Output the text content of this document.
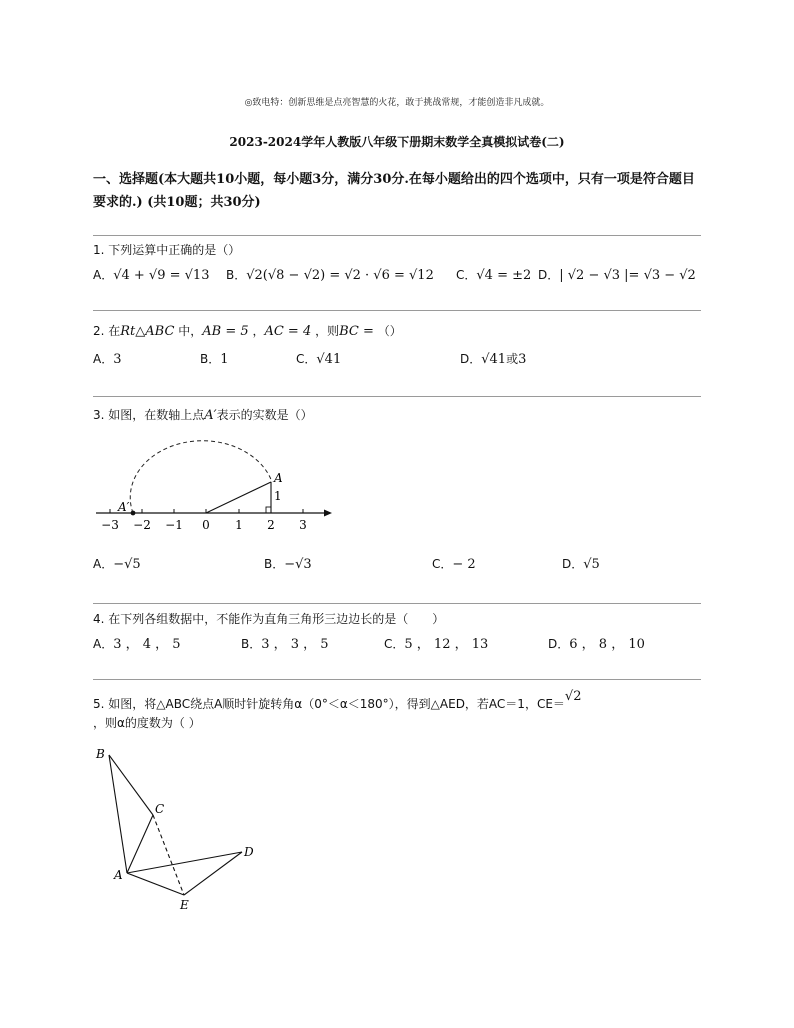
◎致电特：创新思维是点亮智慧的火花，敢于挑战常规，才能创造非凡成就。
2023-2024学年人教版八年级下册期末数学全真模拟试卷(二)
一、选择题(本大题共10小题，每小题3分，满分30分.在每小题给出的四个选项中，只有一项是符合题目要求的.) (共10题；共30分)
1. 下列运算中正确的是（）
A．√4 + √9 = √13 B．√2(√8 − √2) = √2 · √6 = √12 C．√4 = ±2 D．| √2 − √3 |= √3 − √2
2. 在Rt△ABC 中，AB = 5 ，AC = 4 ，则BC = （）
A．3	B．1	C．√41	D．√41或3
3. 如图，在数轴上点A′表示的实数是（）
A′
A
1
−3 −2 −1 0 1 2 3
A．−√5	B．−√3	C．− 2	D．√5
4. 在下列各组数据中，不能作为直角三角形三边边长的是（　　）
A．3 ， 4 ， 5	B．3 ， 3 ， 5	C．5 ， 12 ， 13	D．6 ， 8 ， 10
5. 如图，将△ABC绕点A顺时针旋转角α（0°＜α＜180°），得到△AED，若AC＝1，CE＝√2
，则α的度数为（ ）
B
C
A
D
E
